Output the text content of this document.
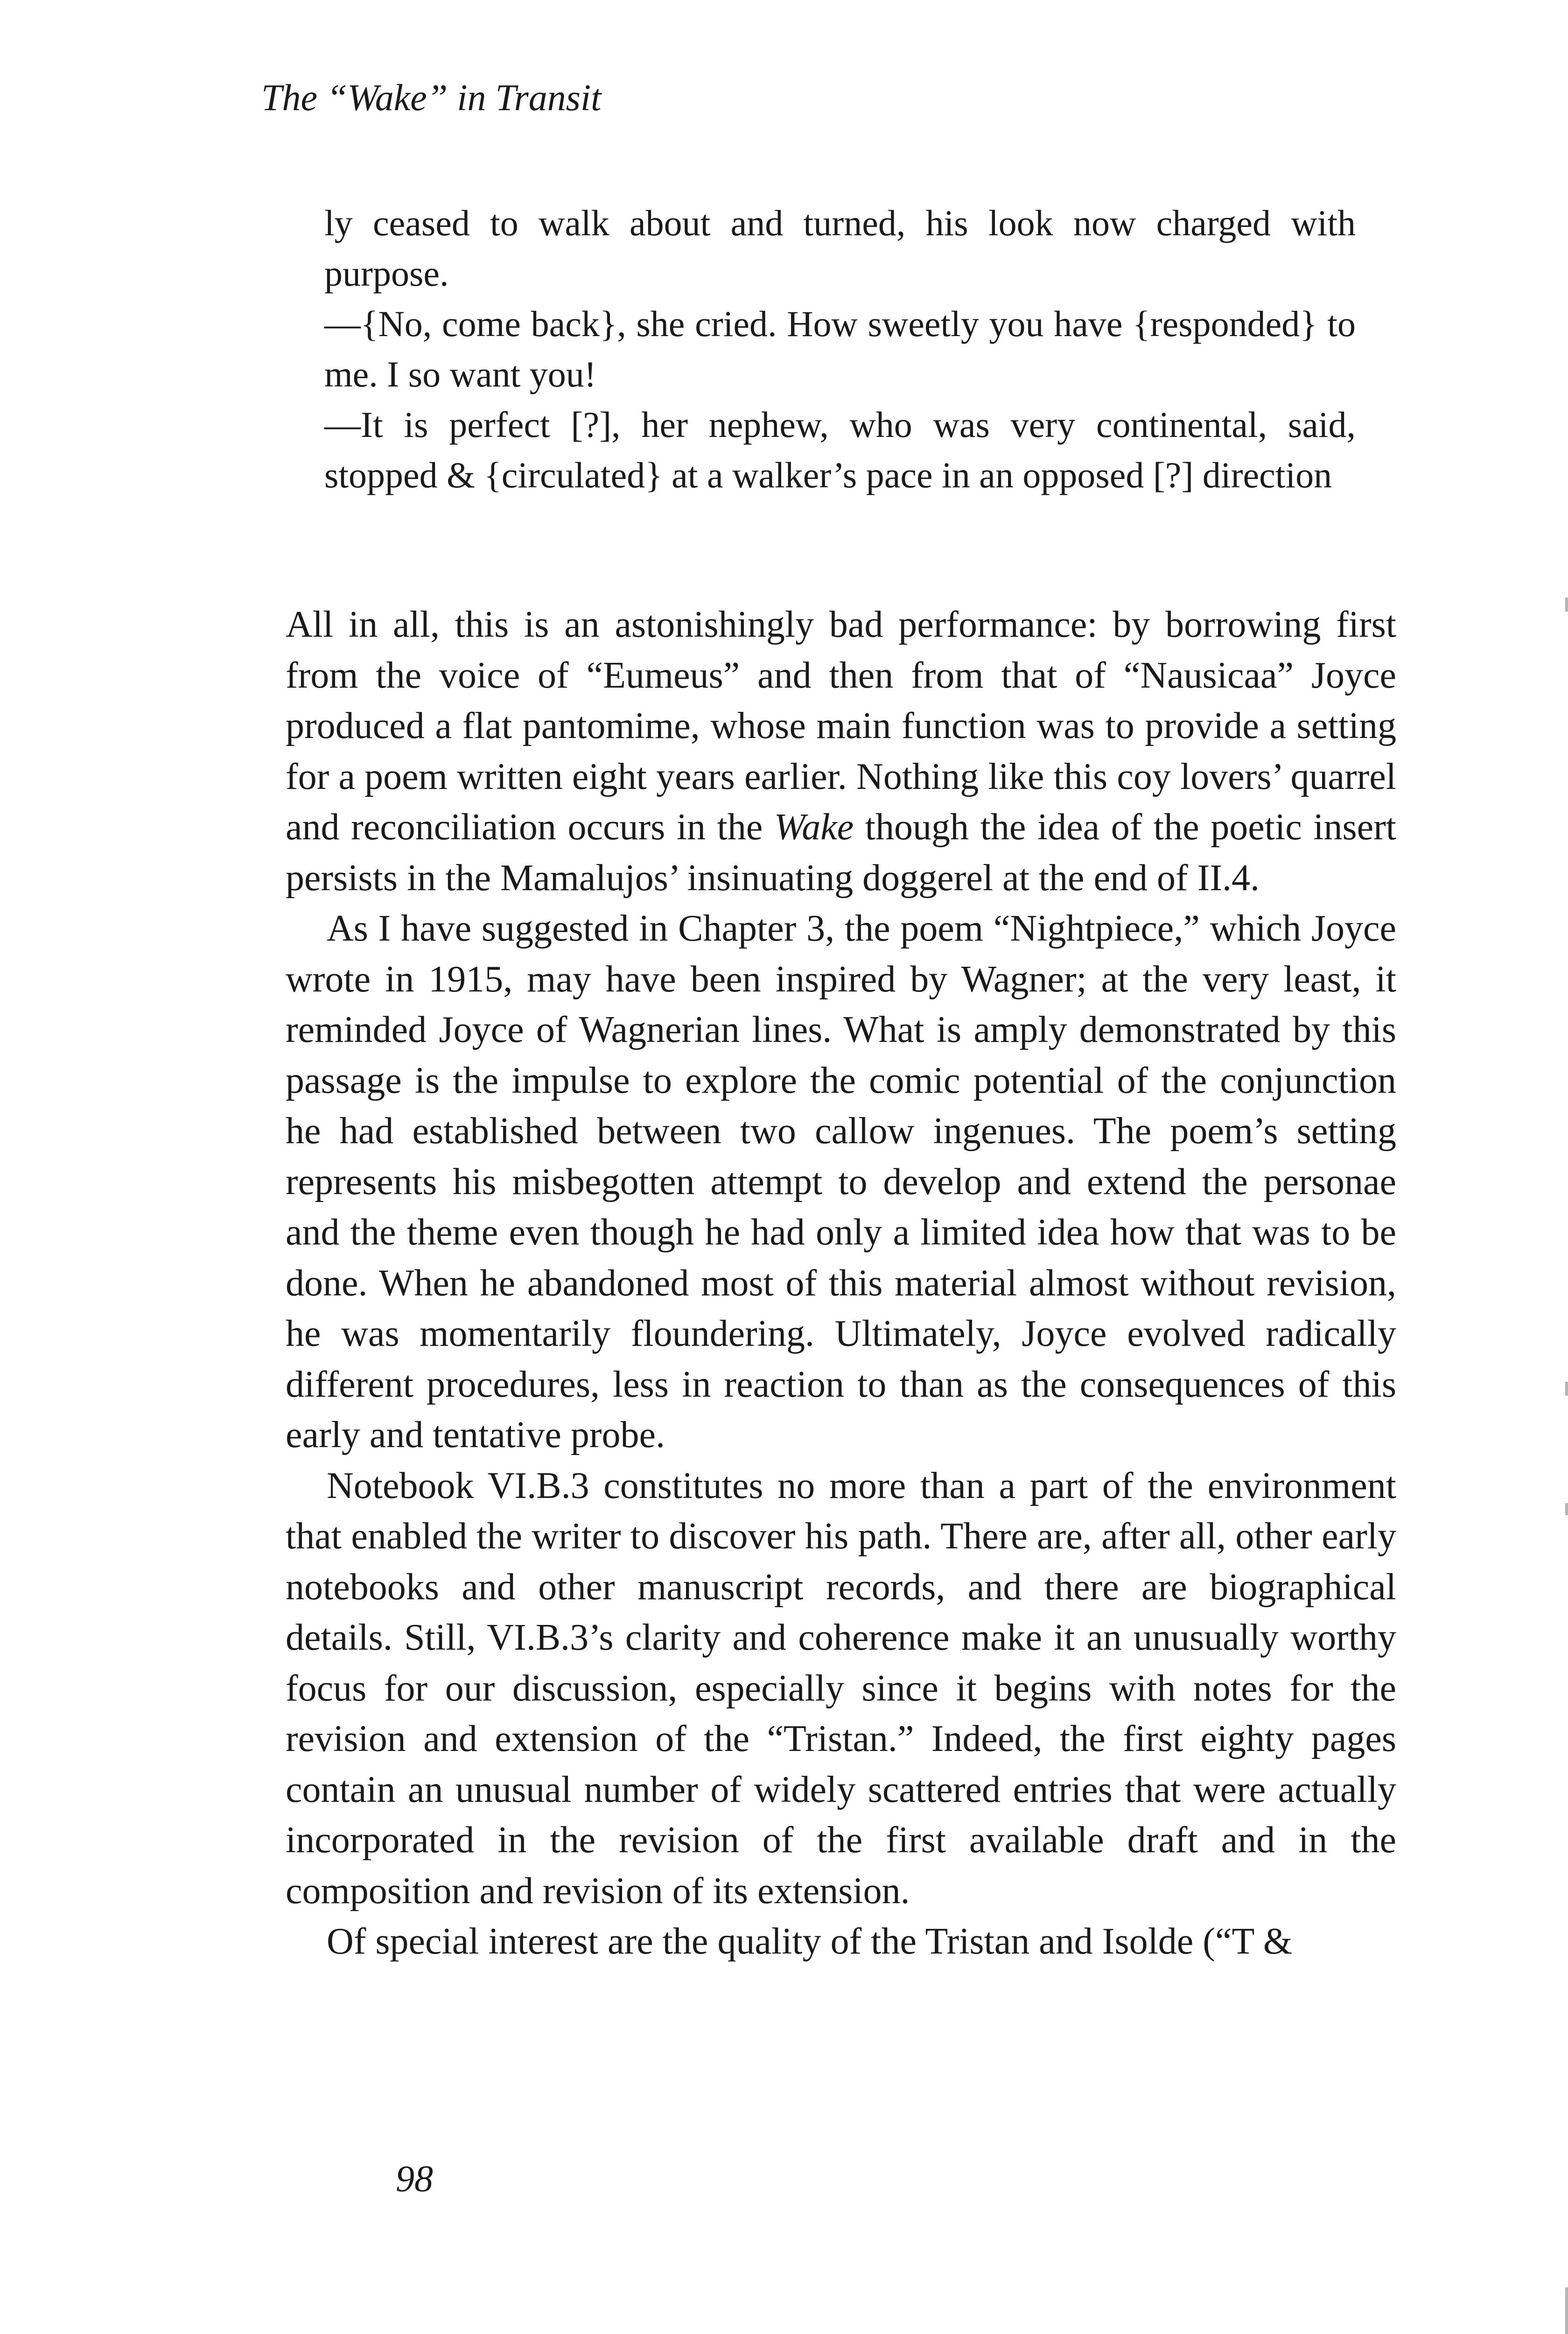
The “Wake” in Transit

ly ceased to walk about and turned, his look now charged with purpose.

—{No, come back}, she cried. How sweetly you have {responded} to me. I so want you!

—It is perfect [?], her nephew, who was very continental, said, stopped & {circulated} at a walker’s pace in an opposed [?] direction

All in all, this is an astonishingly bad performance: by borrowing first from the voice of “Eumeus” and then from that of “Nausicaa” Joyce produced a flat pantomime, whose main function was to provide a setting for a poem written eight years earlier. Nothing like this coy lovers’ quarrel and reconciliation occurs in the Wake though the idea of the poetic insert persists in the Mamalujos’ insinuating doggerel at the end of II.4.

As I have suggested in Chapter 3, the poem “Nightpiece,” which Joyce wrote in 1915, may have been inspired by Wagner; at the very least, it reminded Joyce of Wagnerian lines. What is amply demonstrated by this passage is the impulse to explore the comic potential of the conjunction he had established between two callow ingenues. The poem’s setting represents his misbegotten attempt to develop and extend the personae and the theme even though he had only a limited idea how that was to be done. When he abandoned most of this material almost without revision, he was momentarily floundering. Ultimately, Joyce evolved radically different procedures, less in reaction to than as the consequences of this early and tentative probe.

Notebook VI.B.3 constitutes no more than a part of the environment that enabled the writer to discover his path. There are, after all, other early notebooks and other manuscript records, and there are biographical details. Still, VI.B.3’s clarity and coherence make it an unusually worthy focus for our discussion, especially since it begins with notes for the revision and extension of the “Tristan.” Indeed, the first eighty pages contain an unusual number of widely scattered entries that were actually incorporated in the revision of the first available draft and in the composition and revision of its extension.

Of special interest are the quality of the Tristan and Isolde (“T &

98
